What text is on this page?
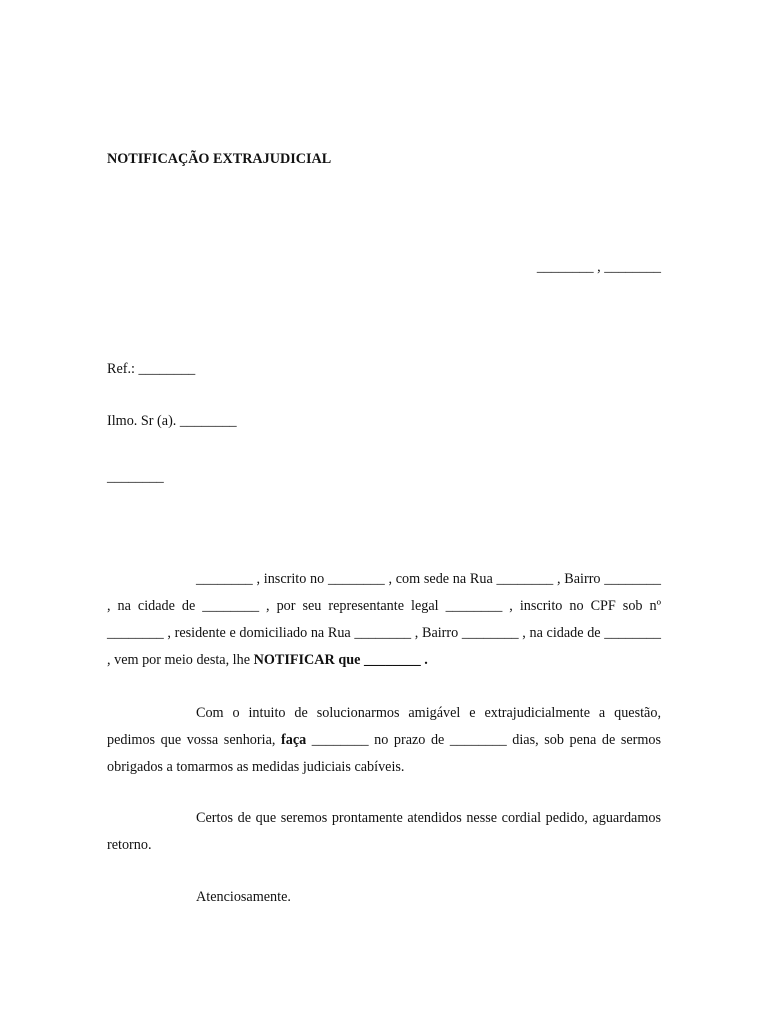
NOTIFICAÇÃO EXTRAJUDICIAL
________ , ________
Ref.: ________
Ilmo. Sr (a). ________
________
________ , inscrito no ________ , com sede na Rua ________ , Bairro ________ , na cidade de ________ , por seu representante legal ________ , inscrito no CPF sob nº ________ , residente e domiciliado na Rua ________ , Bairro ________ , na cidade de ________ , vem por meio desta, lhe NOTIFICAR que ________ .
Com o intuito de solucionarmos amigável e extrajudicialmente a questão, pedimos que vossa senhoria, faça ________ no prazo de ________ dias, sob pena de sermos obrigados a tomarmos as medidas judiciais cabíveis.
Certos de que seremos prontamente atendidos nesse cordial pedido, aguardamos retorno.
Atenciosamente.
